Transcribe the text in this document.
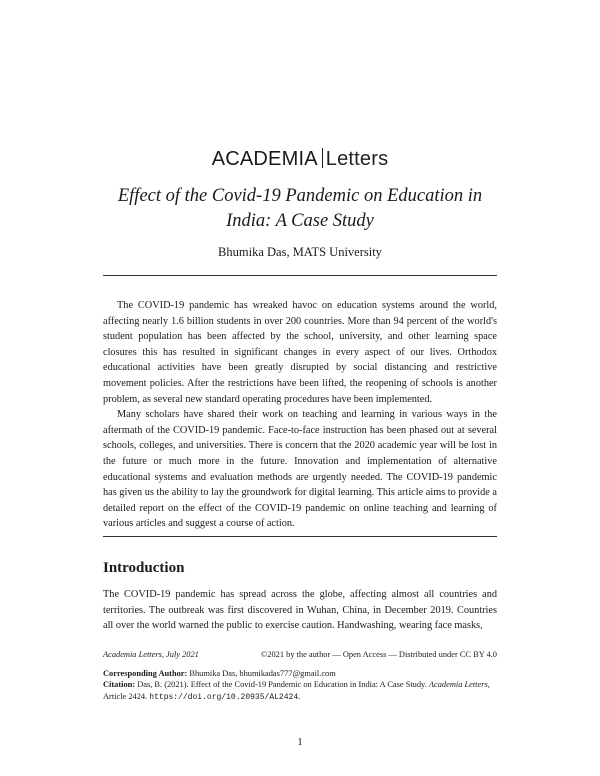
ACADEMIA Letters
Effect of the Covid-19 Pandemic on Education in India: A Case Study
Bhumika Das, MATS University

The COVID-19 pandemic has wreaked havoc on education systems around the world, affecting nearly 1.6 billion students in over 200 countries. More than 94 percent of the world's student population has been affected by the school, university, and other learning space closures this has resulted in significant changes in every aspect of our lives. Orthodox educational activities have been greatly disrupted by social distancing and restrictive movement policies. After the restrictions have been lifted, the reopening of schools is another problem, as several new standard operating procedures have been implemented.

Many scholars have shared their work on teaching and learning in various ways in the aftermath of the COVID-19 pandemic. Face-to-face instruction has been phased out at several schools, colleges, and universities. There is concern that the 2020 academic year will be lost in the future or much more in the future. Innovation and implementation of alternative educational systems and evaluation methods are urgently needed. The COVID-19 pandemic has given us the ability to lay the groundwork for digital learning. This article aims to provide a detailed report on the effect of the COVID-19 pandemic on online teaching and learning of various articles and suggest a course of action.

Introduction

The COVID-19 pandemic has spread across the globe, affecting almost all countries and territories. The outbreak was first discovered in Wuhan, China, in December 2019. Countries all over the world warned the public to exercise caution. Handwashing, wearing face masks,

Academia Letters, July 2021	©2021 by the author — Open Access — Distributed under CC BY 4.0
Corresponding Author: Bhumika Das, bhumikadas777@gmail.com
Citation: Das, B. (2021). Effect of the Covid-19 Pandemic on Education in India: A Case Study. Academia Letters, Article 2424. https://doi.org/10.20935/AL2424.
1
